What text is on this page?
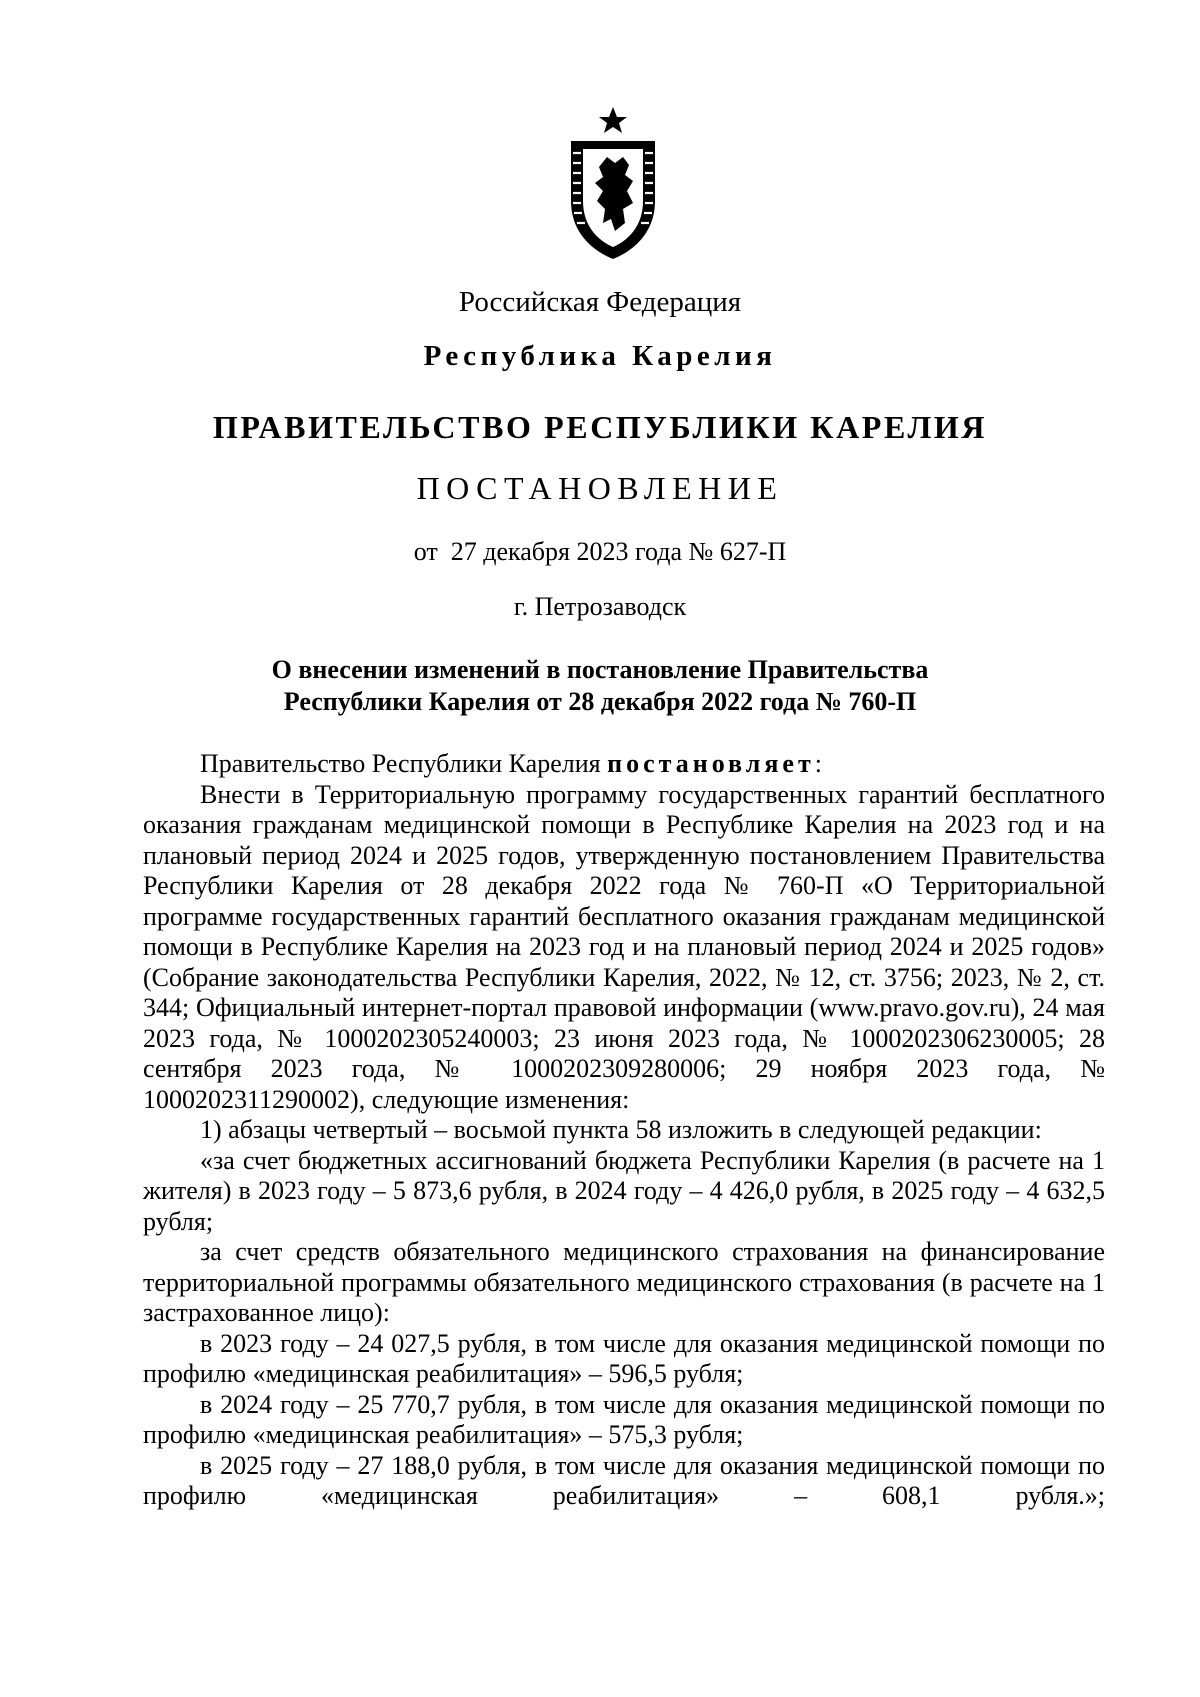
Российская Федерация
Республика Карелия
ПРАВИТЕЛЬСТВО РЕСПУБЛИКИ КАРЕЛИЯ
ПОСТАНОВЛЕНИЕ
от  27 декабря 2023 года № 627-П
г. Петрозаводск
О внесении изменений в постановление Правительства
Республики Карелия от 28 декабря 2022 года № 760-П

Правительство Республики Карелия постановляет:

Внести в Территориальную программу государственных гарантий бесплатного оказания гражданам медицинской помощи в Республике Карелия на 2023 год и на плановый период 2024 и 2025 годов, утвержденную постановлением Правительства Республики Карелия от 28 декабря 2022 года № 760-П «О Территориальной программе государственных гарантий бесплатного оказания гражданам медицинской помощи в Республике Карелия на 2023 год и на плановый период 2024 и 2025 годов» (Собрание законодательства Республики Карелия, 2022, № 12, ст. 3756; 2023, № 2, ст. 344; Официальный интернет-портал правовой информации (www.pravo.gov.ru), 24 мая 2023 года, № 1000202305240003; 23 июня 2023 года, № 1000202306230005; 28 сентября 2023 года, № 1000202309280006; 29 ноября 2023 года, № 1000202311290002), следующие изменения:

1) абзацы четвертый – восьмой пункта 58 изложить в следующей редакции:

«за счет бюджетных ассигнований бюджета Республики Карелия (в расчете на 1 жителя) в 2023 году – 5 873,6 рубля, в 2024 году – 4 426,0 рубля, в 2025 году – 4 632,5 рубля;

за счет средств обязательного медицинского страхования на финансирование территориальной программы обязательного медицинского страхования (в расчете на 1 застрахованное лицо):

в 2023 году – 24 027,5 рубля, в том числе для оказания медицинской помощи по профилю «медицинская реабилитация» – 596,5 рубля;

в 2024 году – 25 770,7 рубля, в том числе для оказания медицинской помощи по профилю «медицинская реабилитация» – 575,3 рубля;

в 2025 году – 27 188,0 рубля, в том числе для оказания медицинской помощи по профилю «медицинская реабилитация» – 608,1 рубля.»;
